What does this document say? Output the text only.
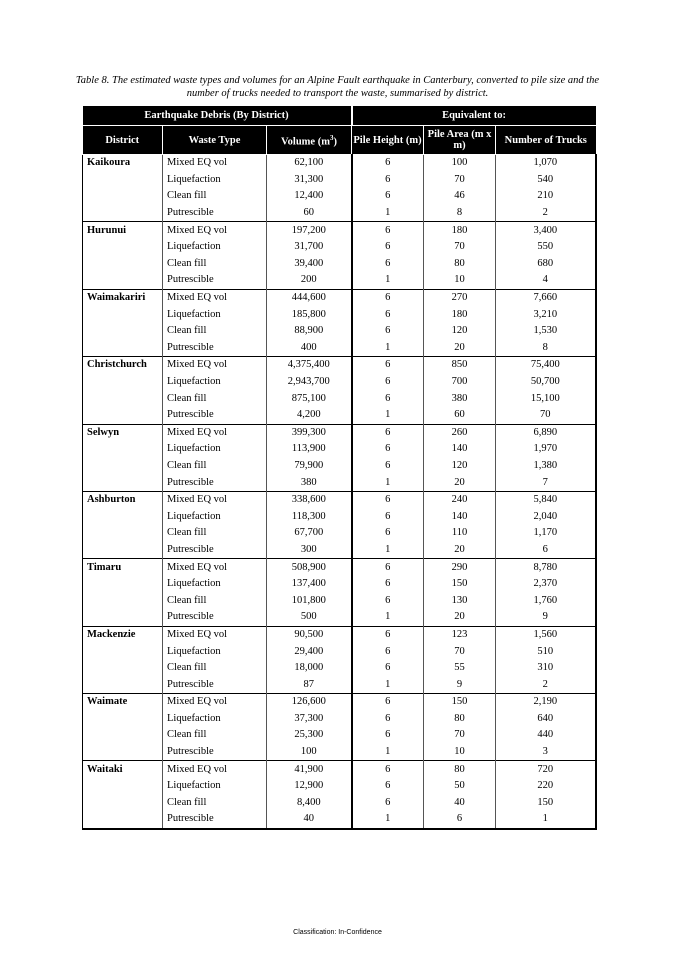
Table 8. The estimated waste types and volumes for an Alpine Fault earthquake in Canterbury, converted to pile size and the number of trucks needed to transport the waste, summarised by district.

Earthquake Debris (By District)			Equivalent to:		
District	Waste Type	Volume $(m^3)$	Pile Height (m)	Pile Area (m x m)	Number of Trucks
Kaikoura	Mixed EQ vol	62,100	6	100	1,070
	Liquefaction	31,300	6	70	540
	Clean fill	12,400	6	46	210
	Putrescible	60	1	8	2
Hurunui	Mixed EQ vol	197,200	6	180	3,400
	Liquefaction	31,700	6	70	550
	Clean fill	39,400	6	80	680
	Putrescible	200	1	10	4
Waimakariri	Mixed EQ vol	444,600	6	270	7,660
	Liquefaction	185,800	6	180	3,210
	Clean fill	88,900	6	120	1,530
	Putrescible	400	1	20	8
Christchurch	Mixed EQ vol	4,375,400	6	850	75,400
	Liquefaction	2,943,700	6	700	50,700
	Clean fill	875,100	6	380	15,100
	Putrescible	4,200	1	60	70
Selwyn	Mixed EQ vol	399,300	6	260	6,890
	Liquefaction	113,900	6	140	1,970
	Clean fill	79,900	6	120	1,380
	Putrescible	380	1	20	7
Ashburton	Mixed EQ vol	338,600	6	240	5,840
	Liquefaction	118,300	6	140	2,040
	Clean fill	67,700	6	110	1,170
	Putrescible	300	1	20	6
Timaru	Mixed EQ vol	508,900	6	290	8,780
	Liquefaction	137,400	6	150	2,370
	Clean fill	101,800	6	130	1,760
	Putrescible	500	1	20	9
Mackenzie	Mixed EQ vol	90,500	6	123	1,560
	Liquefaction	29,400	6	70	510
	Clean fill	18,000	6	55	310
	Putrescible	87	1	9	2
Waimate	Mixed EQ vol	126,600	6	150	2,190
	Liquefaction	37,300	6	80	640
	Clean fill	25,300	6	70	440
	Putrescible	100	1	10	3
Waitaki	Mixed EQ vol	41,900	6	80	720
	Liquefaction	12,900	6	50	220
	Clean fill	8,400	6	40	150
	Putrescible	40	1	6	1
Classification: In-Confidence
